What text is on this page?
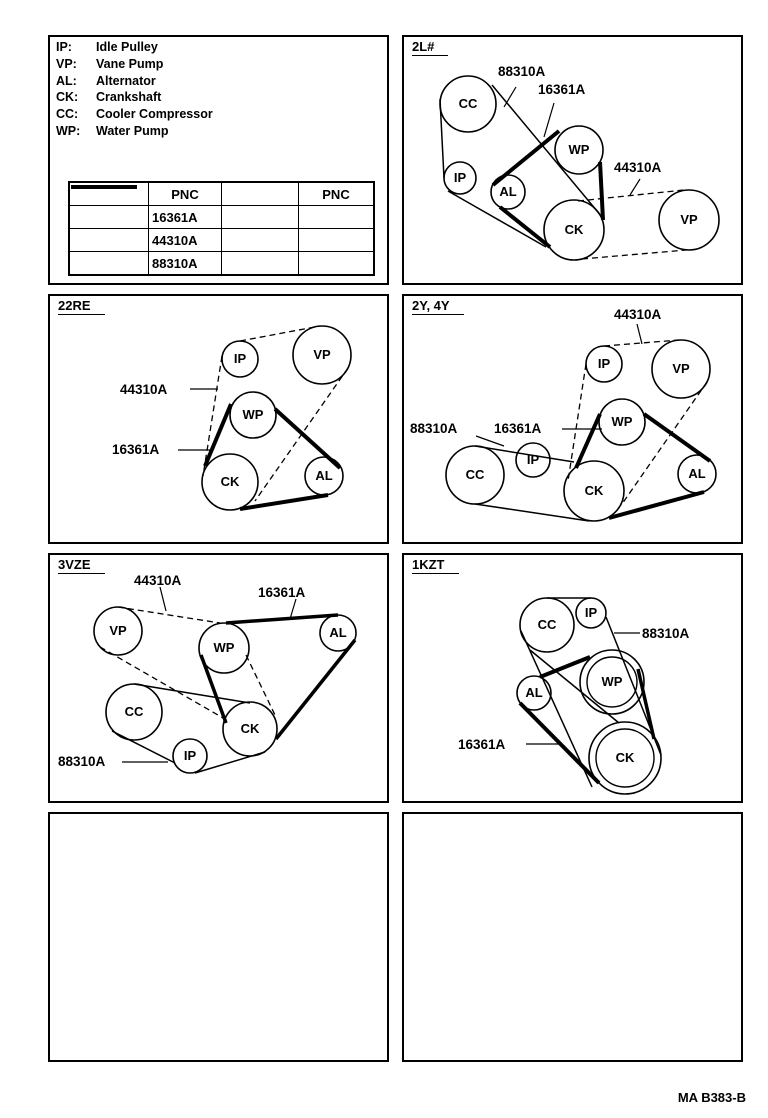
IP: Idle Pulley
VP: Vane Pump
AL: Alternator
CK: Crankshaft
CC: Cooler Compressor
WP: Water Pump
	PNC		PNC

	16361A		

	44310A		

	88310A		
2L#
88310A
16361A
44310A
CC
IP
AL
WP
CK
VP
22RE
44310A
16361A
IP	VP
WP
CK	AL
2Y, 4Y
44310A
88310A	16361A
IP	VP
WP
CC
IP
CK
AL
3VZE
44310A
16361A
88310A
VP
WP
AL
CC
CK
IP
1KZT
88310A
16361A
CC
IP
WP
AL
CK
MA B383-B
